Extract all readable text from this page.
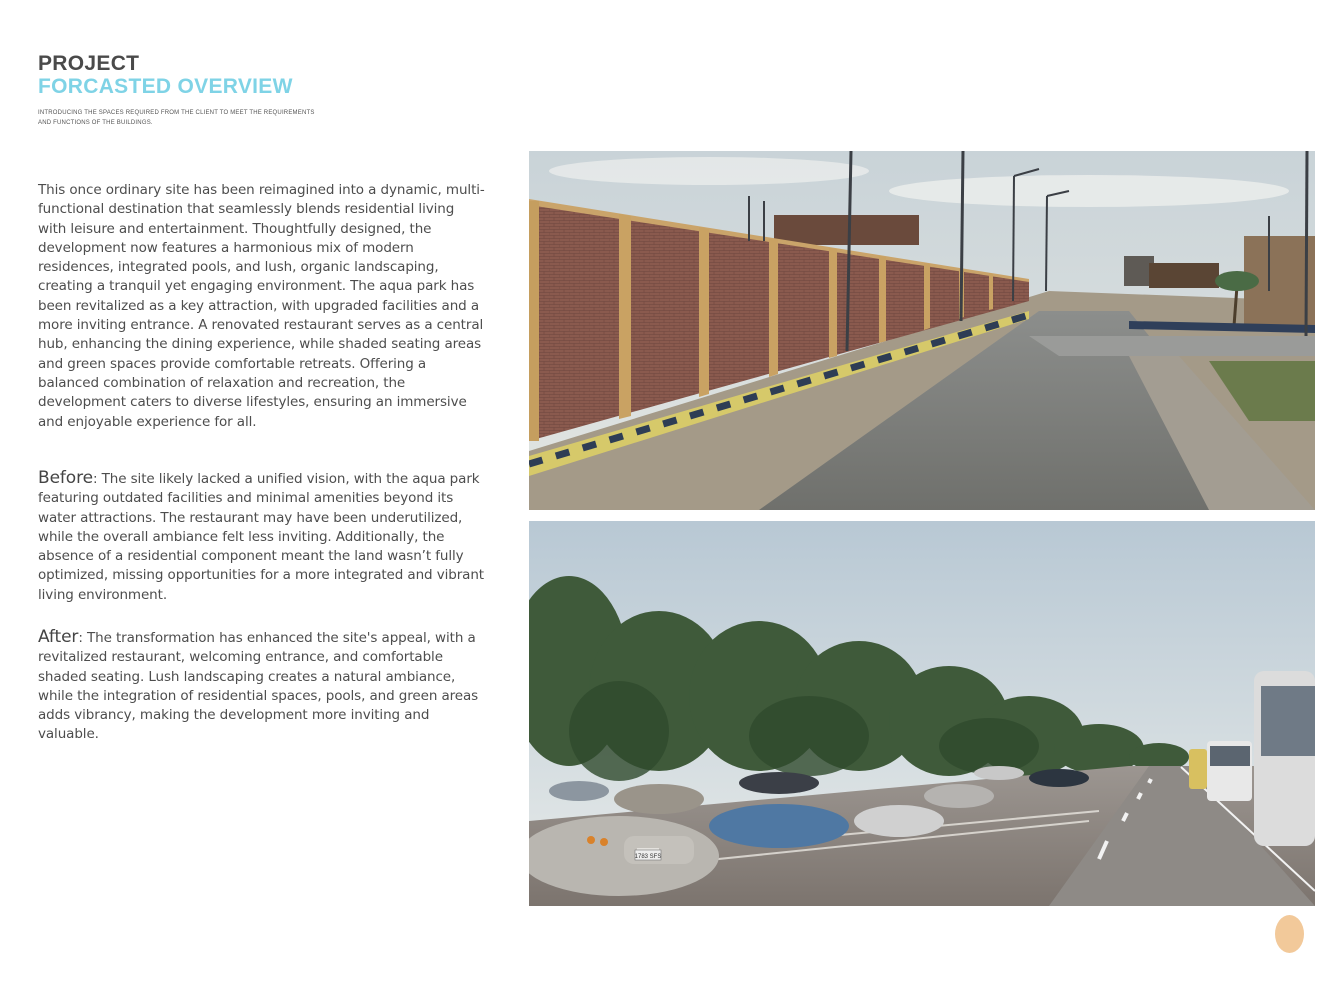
PROJECT
FORCASTED OVERVIEW
INTRODUCING THE SPACES REQUIRED FROM THE CLIENT TO MEET THE REQUIREMENTS
AND FUNCTIONS OF THE BUILDINGS.

This once ordinary site has been reimagined into a dynamic, multi-functional destination that seamlessly blends residential living with leisure and entertainment. Thoughtfully designed, the development now features a harmonious mix of modern residences, integrated pools, and lush, organic landscaping, creating a tranquil yet engaging environment. The aqua park has been revitalized as a key attraction, with upgraded facilities and a more inviting entrance. A renovated restaurant serves as a central hub, enhancing the dining experience, while shaded seating areas and green spaces provide comfortable retreats. Offering a balanced combination of relaxation and recreation, the development caters to diverse lifestyles, ensuring an immersive and enjoyable experience for all.

Before: The site likely lacked a unified vision, with the aqua park featuring outdated facilities and minimal amenities beyond its water attractions. The restaurant may have been underutilized, while the overall ambiance felt less inviting. Additionally, the absence of a residential component meant the land wasn’t fully optimized, missing opportunities for a more integrated and vibrant living environment.

After: The transformation has enhanced the site's appeal, with a revitalized restaurant, welcoming entrance, and comfortable shaded seating. Lush landscaping creates a natural ambiance, while the integration of residential spaces, pools, and green areas adds vibrancy, making the development more inviting and valuable.

1783 SFS
